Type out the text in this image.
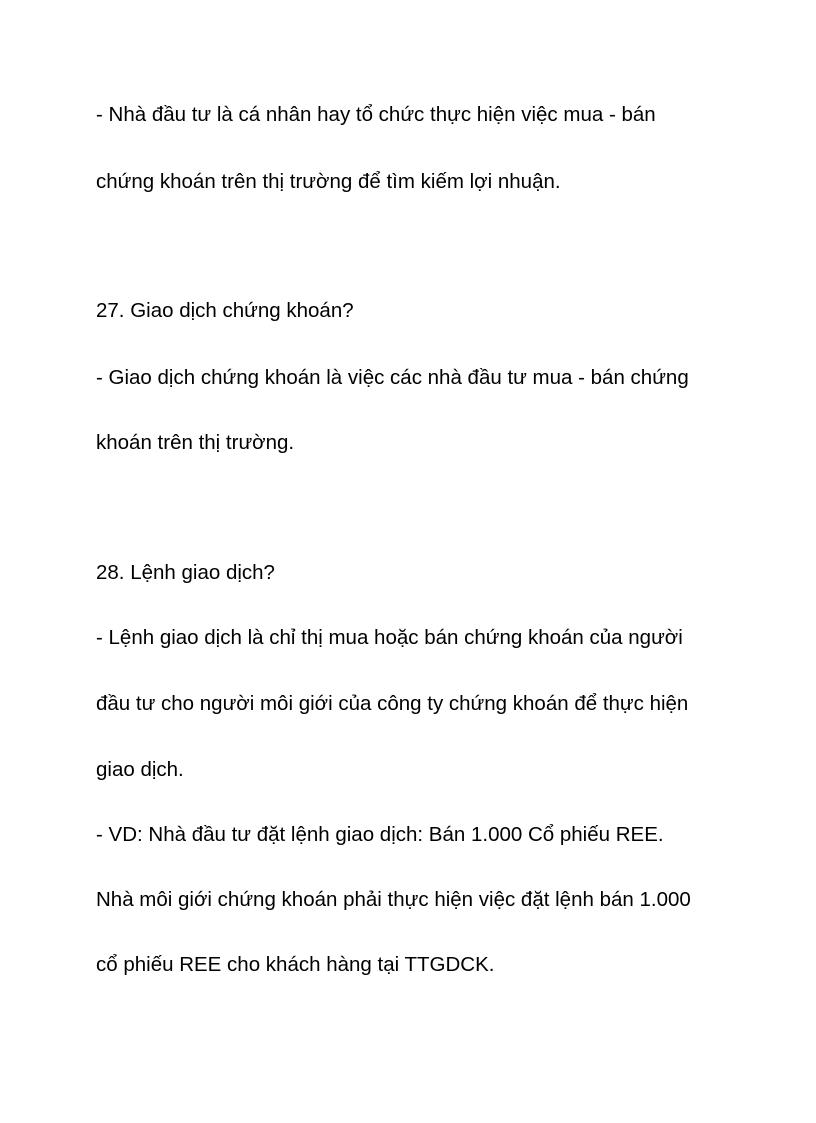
- Nhà đầu tư là cá nhân hay tổ chức thực hiện việc mua - bán
chứng khoán trên thị trường để tìm kiếm lợi nhuận.
27. Giao dịch chứng khoán?
- Giao dịch chứng khoán là việc các nhà đầu tư mua - bán chứng
khoán trên thị trường.
28. Lệnh giao dịch?
- Lệnh giao dịch là chỉ thị mua hoặc bán chứng khoán của người
đầu tư cho người môi giới của công ty chứng khoán để thực hiện
giao dịch.
- VD: Nhà đầu tư đặt lệnh giao dịch: Bán 1.000 Cổ phiếu REE.
Nhà môi giới chứng khoán phải thực hiện việc đặt lệnh bán 1.000
cổ phiếu REE cho khách hàng tại TTGDCK.
